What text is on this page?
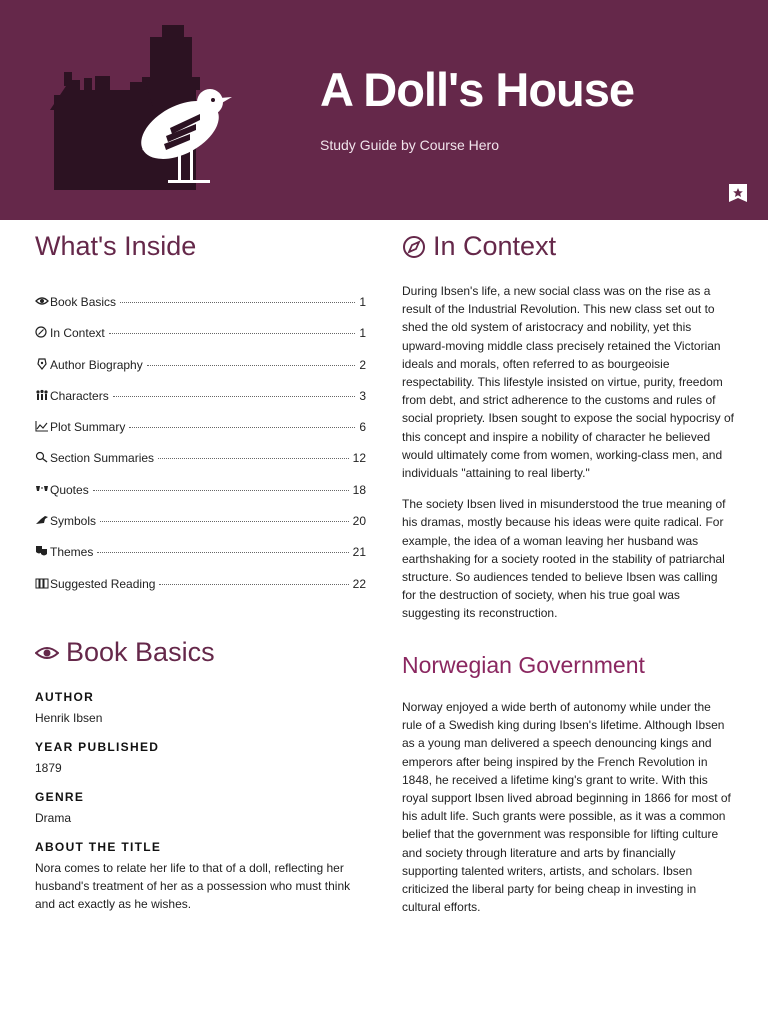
A Doll's House
Study Guide by Course Hero
What's Inside
Book Basics	1
In Context	1
Author Biography	2
Characters	3
Plot Summary	6
Section Summaries	12
Quotes	18
Symbols	20
Themes	21
Suggested Reading	22
Book Basics
AUTHOR
Henrik Ibsen
YEAR PUBLISHED
1879
GENRE
Drama
ABOUT THE TITLE
Nora comes to relate her life to that of a doll, reflecting her husband's treatment of her as a possession who must think and act exactly as he wishes.
In Context

During Ibsen's life, a new social class was on the rise as a result of the Industrial Revolution. This new class set out to shed the old system of aristocracy and nobility, yet this upward-moving middle class precisely retained the Victorian ideals and morals, often referred to as bourgeoisie respectability. This lifestyle insisted on virtue, purity, freedom from debt, and strict adherence to the customs and rules of social propriety. Ibsen sought to expose the social hypocrisy of this concept and inspire a nobility of character he believed would ultimately come from women, working-class men, and individuals "attaining to real liberty."

The society Ibsen lived in misunderstood the true meaning of his dramas, mostly because his ideas were quite radical. For example, the idea of a woman leaving her husband was earthshaking for a society rooted in the stability of patriarchal structure. So audiences tended to believe Ibsen was calling for the destruction of society, when his true goal was suggesting its reconstruction.

Norwegian Government

Norway enjoyed a wide berth of autonomy while under the rule of a Swedish king during Ibsen's lifetime. Although Ibsen as a young man delivered a speech denouncing kings and emperors after being inspired by the French Revolution in 1848, he received a lifetime king's grant to write. With this royal support Ibsen lived abroad beginning in 1866 for most of his adult life. Such grants were possible, as it was a common belief that the government was responsible for lifting culture and society through literature and arts by financially supporting talented writers, artists, and scholars. Ibsen criticized the liberal party for being cheap in investing in cultural efforts.
